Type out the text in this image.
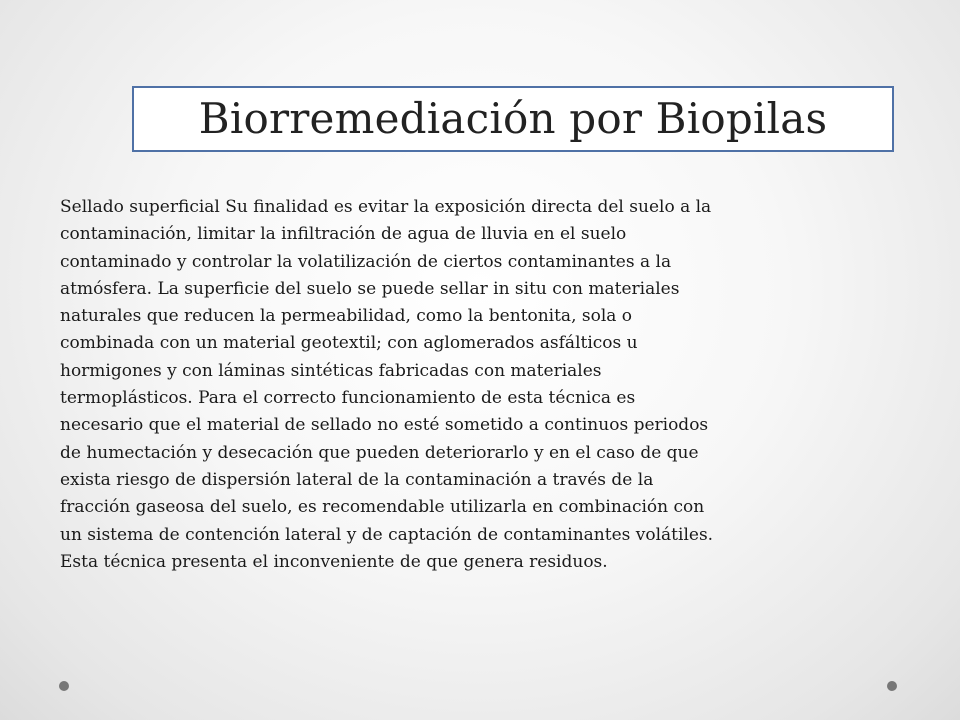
Biorremediación por Biopilas
Sellado superficial Su finalidad es evitar la exposición directa del suelo a la
contaminación, limitar la infiltración de agua de lluvia en el suelo
contaminado y controlar la volatilización de ciertos contaminantes a la
atmósfera. La superficie del suelo se puede sellar in situ con materiales
naturales que reducen la permeabilidad, como la bentonita, sola o
combinada con un material geotextil; con aglomerados asfálticos u
hormigones y con láminas sintéticas fabricadas con materiales
termoplásticos. Para el correcto funcionamiento de esta técnica es
necesario que el material de sellado no esté sometido a continuos periodos
de humectación y desecación que pueden deteriorarlo y en el caso de que
exista riesgo de dispersión lateral de la contaminación a través de la
fracción gaseosa del suelo, es recomendable utilizarla en combinación con
un sistema de contención lateral y de captación de contaminantes volátiles.
Esta técnica presenta el inconveniente de que genera residuos.
